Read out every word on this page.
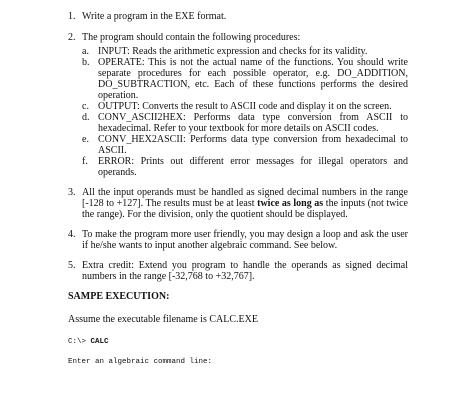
1. Write a program in the EXE format.
2. The program should contain the following procedures:
a. INPUT: Reads the arithmetic expression and checks for its validity.
b. OPERATE: This is not the actual name of the functions. You should write separate procedures for each possible operator, e.g. DO_ADDITION, DO_SUBTRACTION, etc. Each of these functions performs the desired operation.
c. OUTPUT: Converts the result to ASCII code and display it on the screen.
d. CONV_ASCII2HEX: Performs data type conversion from ASCII to hexadecimal. Refer to your textbook for more details on ASCII codes.
e. CONV_HEX2ASCII: Performs data type conversion from hexadecimal to ASCII.
f. ERROR: Prints out different error messages for illegal operators and operands.
3. All the input operands must be handled as signed decimal numbers in the range [-128 to +127]. The results must be at least twice as long as the inputs (not twice the range). For the division, only the quotient should be displayed.
4. To make the program more user friendly, you may design a loop and ask the user if he/she wants to input another algebraic command. See below.
5. Extra credit: Extend you program to handle the operands as signed decimal numbers in the range [-32,768 to +32,767].
SAMPE EXECUTION:
Assume the executable filename is CALC.EXE
C:\> CALC
Enter an algebraic command line:
